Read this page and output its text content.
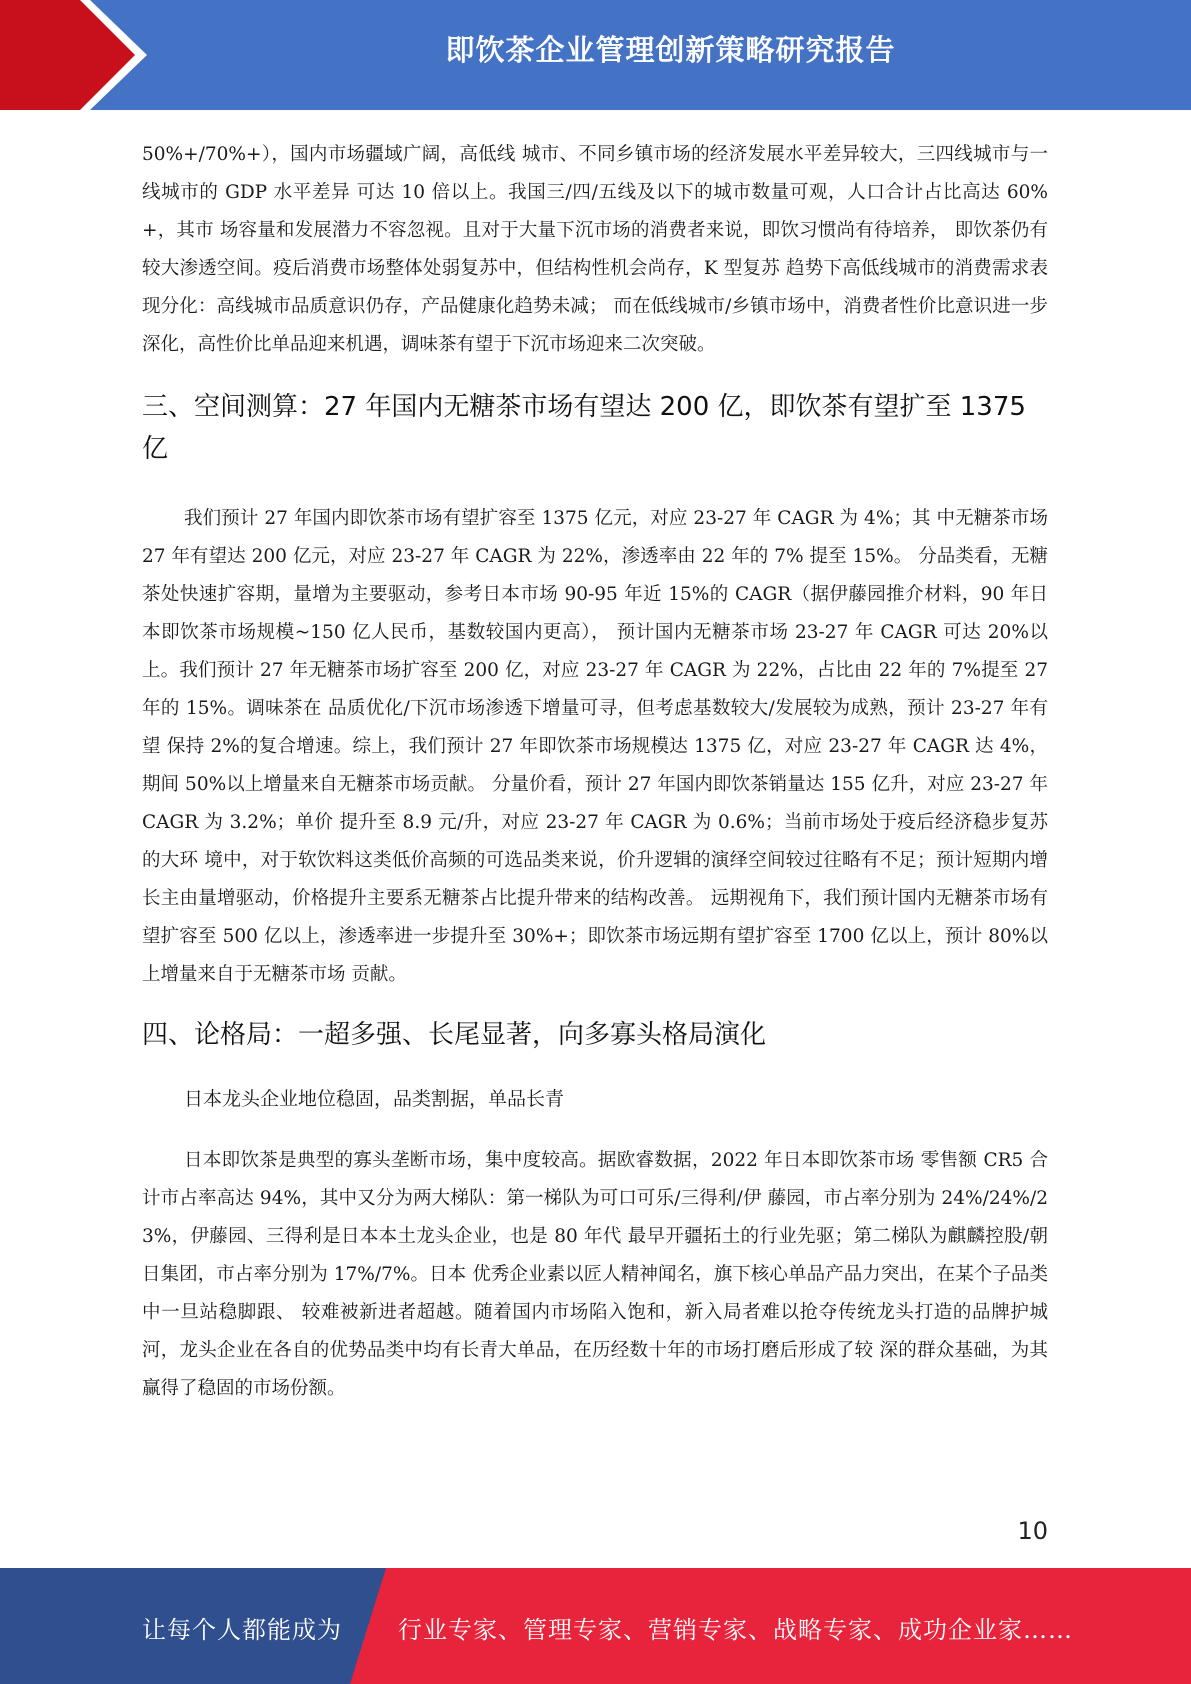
即饮茶企业管理创新策略研究报告

50%+/70%+），国内市场疆域广阔，高低线 城市、不同乡镇市场的经济发展水平差异较大，三四线城市与一线城市的 GDP 水平差异 可达 10 倍以上。我国三/四/五线及以下的城市数量可观，人口合计占比高达 60%+，其市 场容量和发展潜力不容忽视。且对于大量下沉市场的消费者来说，即饮习惯尚有待培养， 即饮茶仍有较大渗透空间。疫后消费市场整体处弱复苏中，但结构性机会尚存，K 型复苏 趋势下高低线城市的消费需求表现分化：高线城市品质意识仍存，产品健康化趋势未减； 而在低线城市/乡镇市场中，消费者性价比意识进一步深化，高性价比单品迎来机遇，调味茶有望于下沉市场迎来二次突破。

三、空间测算：27 年国内无糖茶市场有望达 200 亿，即饮茶有望扩至 1375 亿

我们预计 27 年国内即饮茶市场有望扩容至 1375 亿元，对应 23-27 年 CAGR 为 4%；其 中无糖茶市场 27 年有望达 200 亿元，对应 23-27 年 CAGR 为 22%，渗透率由 22 年的 7% 提至 15%。 分品类看，无糖茶处快速扩容期，量增为主要驱动，参考日本市场 90-95 年近 15%的 CAGR（据伊藤园推介材料，90 年日本即饮茶市场规模~150 亿人民币，基数较国内更高）， 预计国内无糖茶市场 23-27 年 CAGR 可达 20%以上。我们预计 27 年无糖茶市场扩容至 200 亿，对应 23-27 年 CAGR 为 22%，占比由 22 年的 7%提至 27 年的 15%。调味茶在 品质优化/下沉市场渗透下增量可寻，但考虑基数较大/发展较为成熟，预计 23-27 年有望 保持 2%的复合增速。综上，我们预计 27 年即饮茶市场规模达 1375 亿，对应 23-27 年 CAGR 达 4%，期间 50%以上增量来自无糖茶市场贡献。 分量价看，预计 27 年国内即饮茶销量达 155 亿升，对应 23-27 年 CAGR 为 3.2%；单价 提升至 8.9 元/升，对应 23-27 年 CAGR 为 0.6%；当前市场处于疫后经济稳步复苏的大环 境中，对于软饮料这类低价高频的可选品类来说，价升逻辑的演绎空间较过往略有不足；预计短期内增长主由量增驱动，价格提升主要系无糖茶占比提升带来的结构改善。 远期视角下，我们预计国内无糖茶市场有望扩容至 500 亿以上，渗透率进一步提升至 30%+；即饮茶市场远期有望扩容至 1700 亿以上，预计 80%以上增量来自于无糖茶市场 贡献。

四、论格局：一超多强、长尾显著，向多寡头格局演化

日本龙头企业地位稳固，品类割据，单品长青

日本即饮茶是典型的寡头垄断市场，集中度较高。据欧睿数据，2022 年日本即饮茶市场 零售额 CR5 合计市占率高达 94%，其中又分为两大梯队：第一梯队为可口可乐/三得利/伊 藤园，市占率分别为 24%/24%/23%，伊藤园、三得利是日本本土龙头企业，也是 80 年代 最早开疆拓土的行业先驱；第二梯队为麒麟控股/朝日集团，市占率分别为 17%/7%。日本 优秀企业素以匠人精神闻名，旗下核心单品产品力突出，在某个子品类中一旦站稳脚跟、 较难被新进者超越。随着国内市场陷入饱和，新入局者难以抢夺传统龙头打造的品牌护城 河，龙头企业在各自的优势品类中均有长青大单品，在历经数十年的市场打磨后形成了较 深的群众基础，为其赢得了稳固的市场份额。

10
让每个人都能成为 行业专家、管理专家、营销专家、战略专家、成功企业家……
